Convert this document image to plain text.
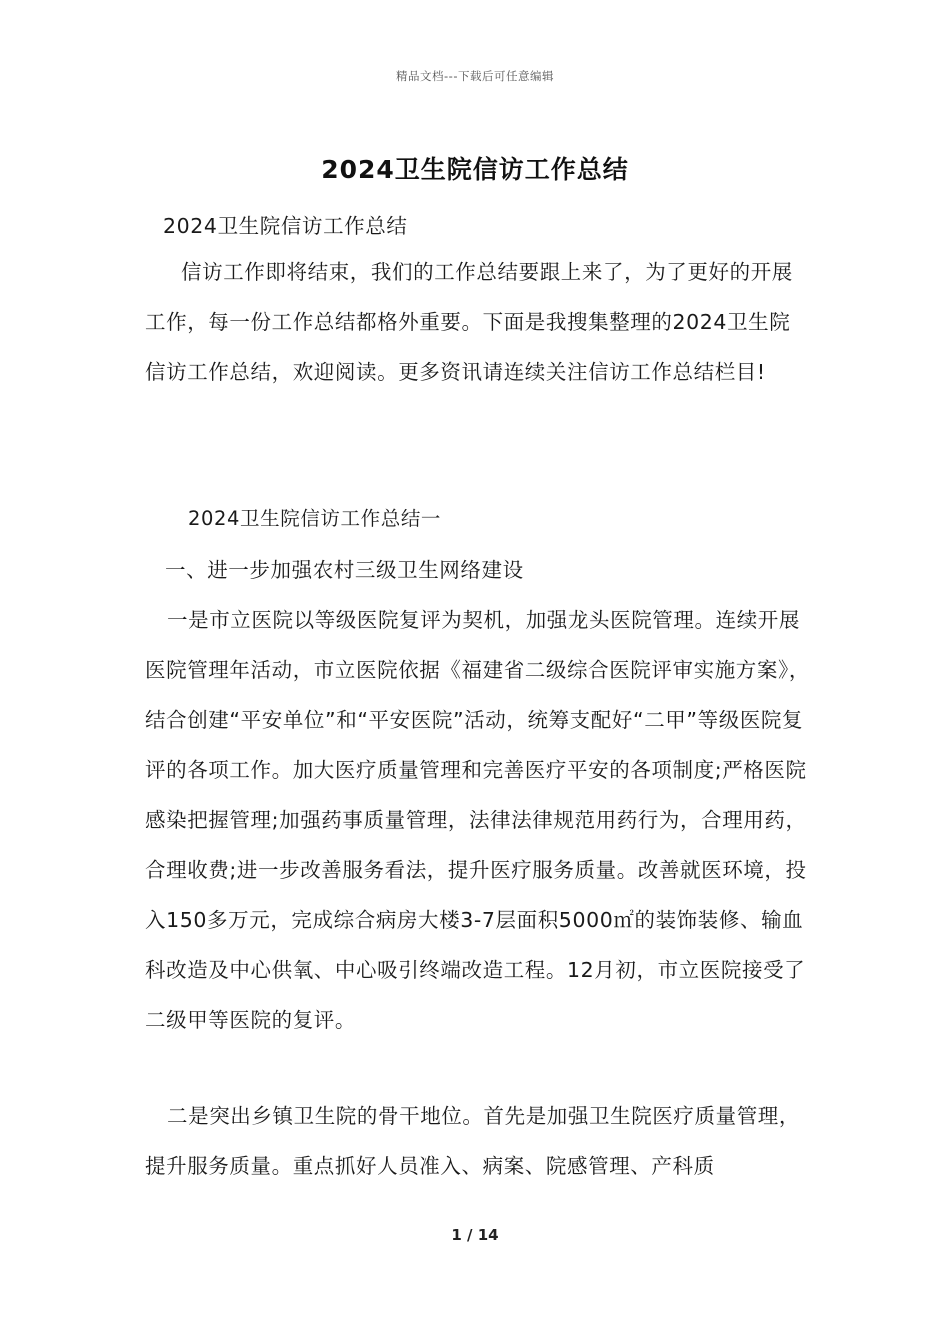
精品文档---下载后可任意编辑
2024卫生院信访工作总结
2024卫生院信访工作总结
信访工作即将结束，我们的工作总结要跟上来了，为了更好的开展工作，每一份工作总结都格外重要。下面是我搜集整理的2024卫生院信访工作总结，欢迎阅读。更多资讯请连续关注信访工作总结栏目!
2024卫生院信访工作总结一
一、进一步加强农村三级卫生网络建设
一是市立医院以等级医院复评为契机，加强龙头医院管理。连续开展医院管理年活动，市立医院依据《福建省二级综合医院评审实施方案》，结合创建“平安单位”和“平安医院”活动，统筹支配好“二甲”等级医院复评的各项工作。加大医疗质量管理和完善医疗平安的各项制度;严格医院感染把握管理;加强药事质量管理，法律法律规范用药行为，合理用药，合理收费;进一步改善服务看法，提升医疗服务质量。改善就医环境，投入150多万元，完成综合病房大楼3-7层面积5000㎡的装饰装修、输血科改造及中心供氧、中心吸引终端改造工程。12月初，市立医院接受了二级甲等医院的复评。
二是突出乡镇卫生院的骨干地位。首先是加强卫生院医疗质量管理，提升服务质量。重点抓好人员准入、病案、院感管理、产科质
1 / 14
